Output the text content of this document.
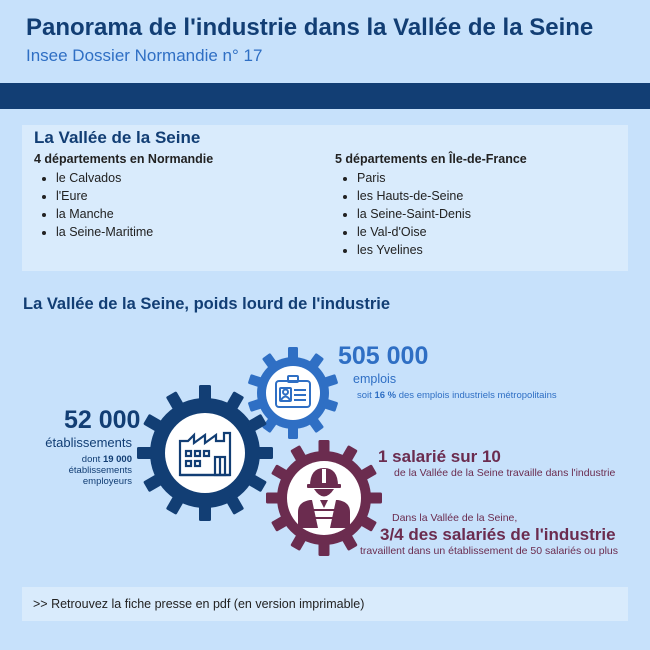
Panorama de l'industrie dans la Vallée de la Seine
Insee Dossier Normandie n° 17
La Vallée de la Seine
4 départements en Normandie
• le Calvados
• l'Eure
• la Manche
• la Seine-Maritime
5 départements en Île-de-France
• Paris
• les Hauts-de-Seine
• la Seine-Saint-Denis
• le Val-d'Oise
• les Yvelines
La Vallée de la Seine, poids lourd de l'industrie
505 000
emplois
soit 16 % des emplois industriels métropolitains
52 000
établissements
dont 19 000
établissements
employeurs
1 salarié sur 10
de la Vallée de la Seine travaille dans l'industrie
Dans la Vallée de la Seine,
3/4 des salariés de l'industrie
travaillent dans un établissement de 50 salariés ou plus
>> Retrouvez la fiche presse en pdf (en version imprimable)
